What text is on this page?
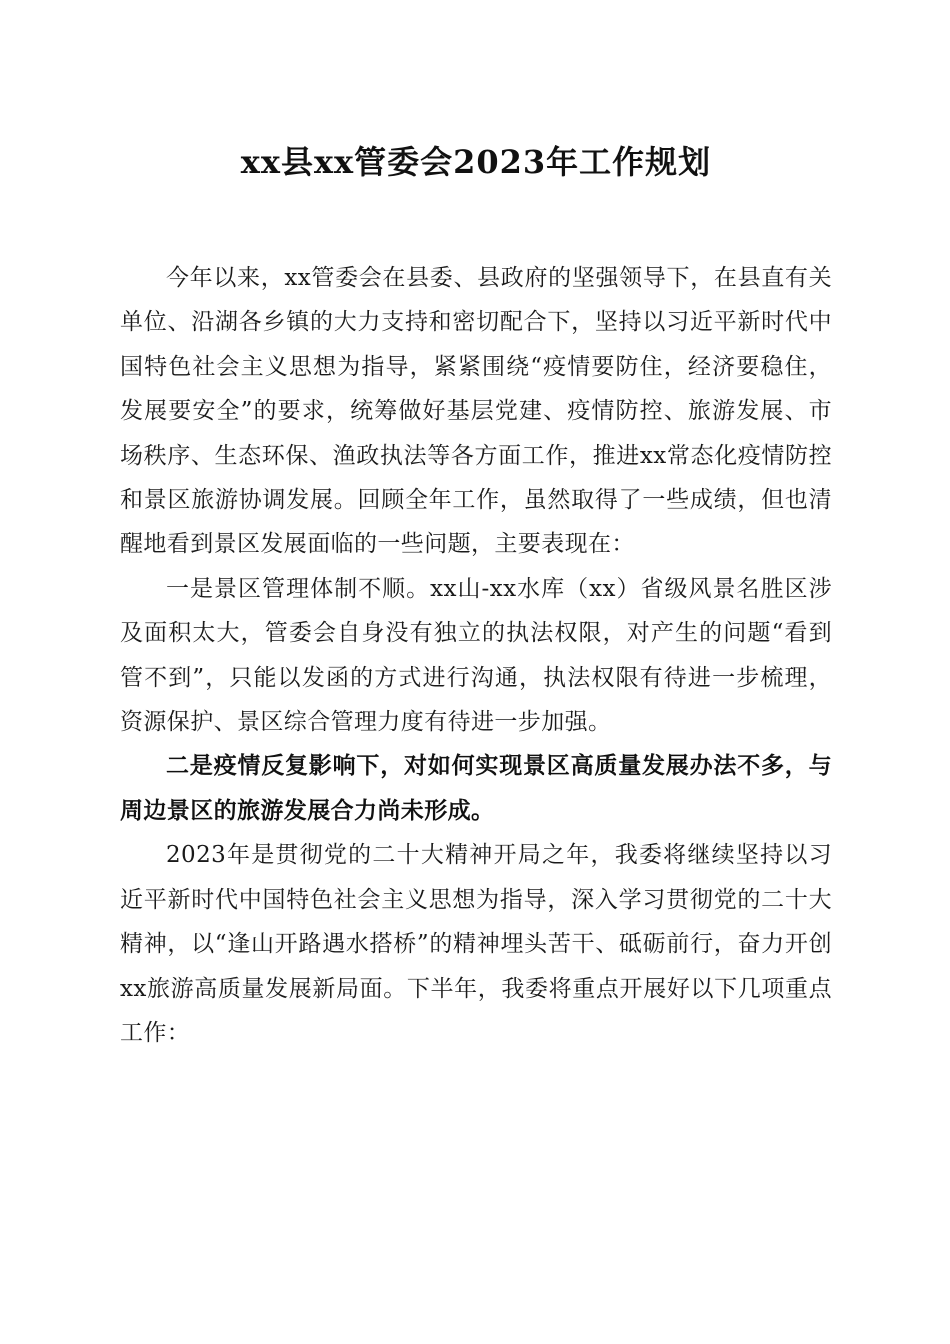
xx县xx管委会2023年工作规划

今年以来，xx管委会在县委、县政府的坚强领导下，在县直有关单位、沿湖各乡镇的大力支持和密切配合下，坚持以习近平新时代中国特色社会主义思想为指导，紧紧围绕“疫情要防住，经济要稳住，发展要安全”的要求，统筹做好基层党建、疫情防控、旅游发展、市场秩序、生态环保、渔政执法等各方面工作，推进xx常态化疫情防控和景区旅游协调发展。回顾全年工作，虽然取得了一些成绩，但也清醒地看到景区发展面临的一些问题，主要表现在：

一是景区管理体制不顺。xx山-xx水库（xx）省级风景名胜区涉及面积太大，管委会自身没有独立的执法权限，对产生的问题“看到管不到”，只能以发函的方式进行沟通，执法权限有待进一步梳理，资源保护、景区综合管理力度有待进一步加强。

二是疫情反复影响下，对如何实现景区高质量发展办法不多，与周边景区的旅游发展合力尚未形成。

2023年是贯彻党的二十大精神开局之年，我委将继续坚持以习近平新时代中国特色社会主义思想为指导，深入学习贯彻党的二十大精神，以“逢山开路遇水搭桥”的精神埋头苦干、砥砺前行，奋力开创xx旅游高质量发展新局面。下半年，我委将重点开展好以下几项重点工作：
